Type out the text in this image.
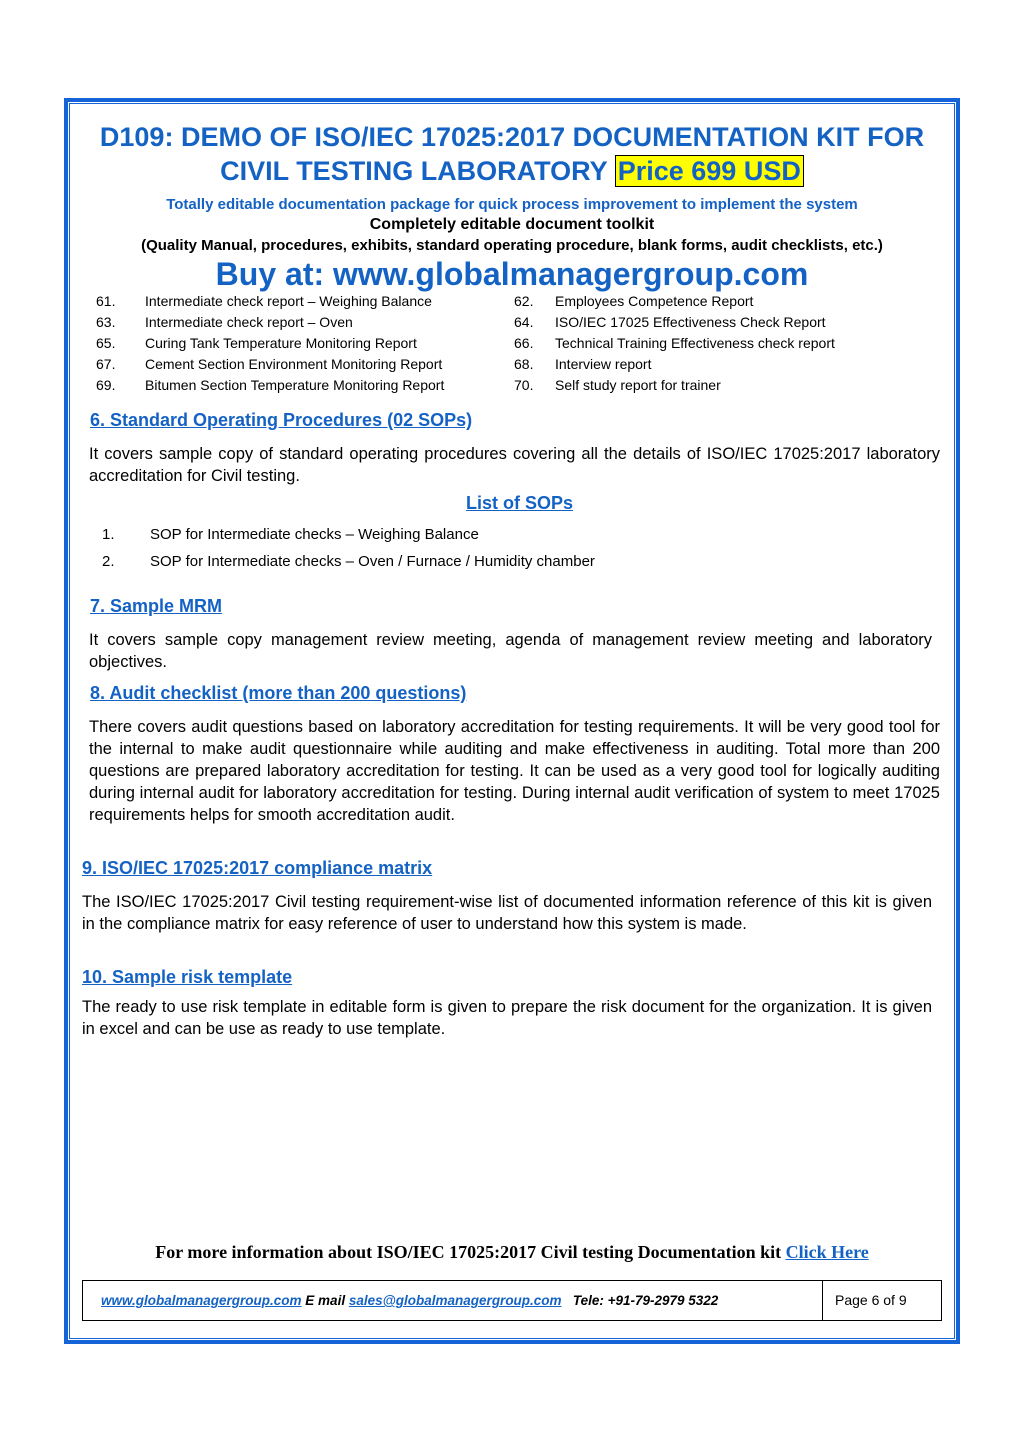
D109: DEMO OF ISO/IEC 17025:2017 DOCUMENTATION KIT FOR
CIVIL TESTING LABORATORY Price 699 USD
Totally editable documentation package for quick process improvement to implement the system
Completely editable document toolkit
(Quality Manual, procedures, exhibits, standard operating procedure, blank forms, audit checklists, etc.)
Buy at: www.globalmanagergroup.com
61. Intermediate check report – Weighing Balance	62. Employees Competence Report
63. Intermediate check report – Oven	64. ISO/IEC 17025 Effectiveness Check Report
65. Curing Tank Temperature Monitoring Report	66. Technical Training Effectiveness check report
67. Cement Section Environment Monitoring Report	68. Interview report
69. Bitumen Section Temperature Monitoring Report	70. Self study report for trainer
6. Standard Operating Procedures (02 SOPs)

It covers sample copy of standard operating procedures covering all the details of ISO/IEC 17025:2017 laboratory accreditation for Civil testing.

List of SOPs
1. SOP for Intermediate checks – Weighing Balance
2. SOP for Intermediate checks – Oven / Furnace / Humidity chamber
7. Sample MRM

It covers sample copy management review meeting, agenda of management review meeting and laboratory objectives.

8. Audit checklist (more than 200 questions)

There covers audit questions based on laboratory accreditation for testing requirements. It will be very good tool for the internal to make audit questionnaire while auditing and make effectiveness in auditing. Total more than 200 questions are prepared laboratory accreditation for testing. It can be used as a very good tool for logically auditing during internal audit for laboratory accreditation for testing. During internal audit verification of system to meet 17025 requirements helps for smooth accreditation audit.

9. ISO/IEC 17025:2017 compliance matrix

The ISO/IEC 17025:2017 Civil testing requirement-wise list of documented information reference of this kit is given in the compliance matrix for easy reference of user to understand how this system is made.

10. Sample risk template

The ready to use risk template in editable form is given to prepare the risk document for the organization. It is given in excel and can be use as ready to use template.

For more information about ISO/IEC 17025:2017 Civil testing Documentation kit Click Here
www.globalmanagergroup.com E mail sales@globalmanagergroup.com Tele: +91-79-2979 5322	Page 6 of 9
